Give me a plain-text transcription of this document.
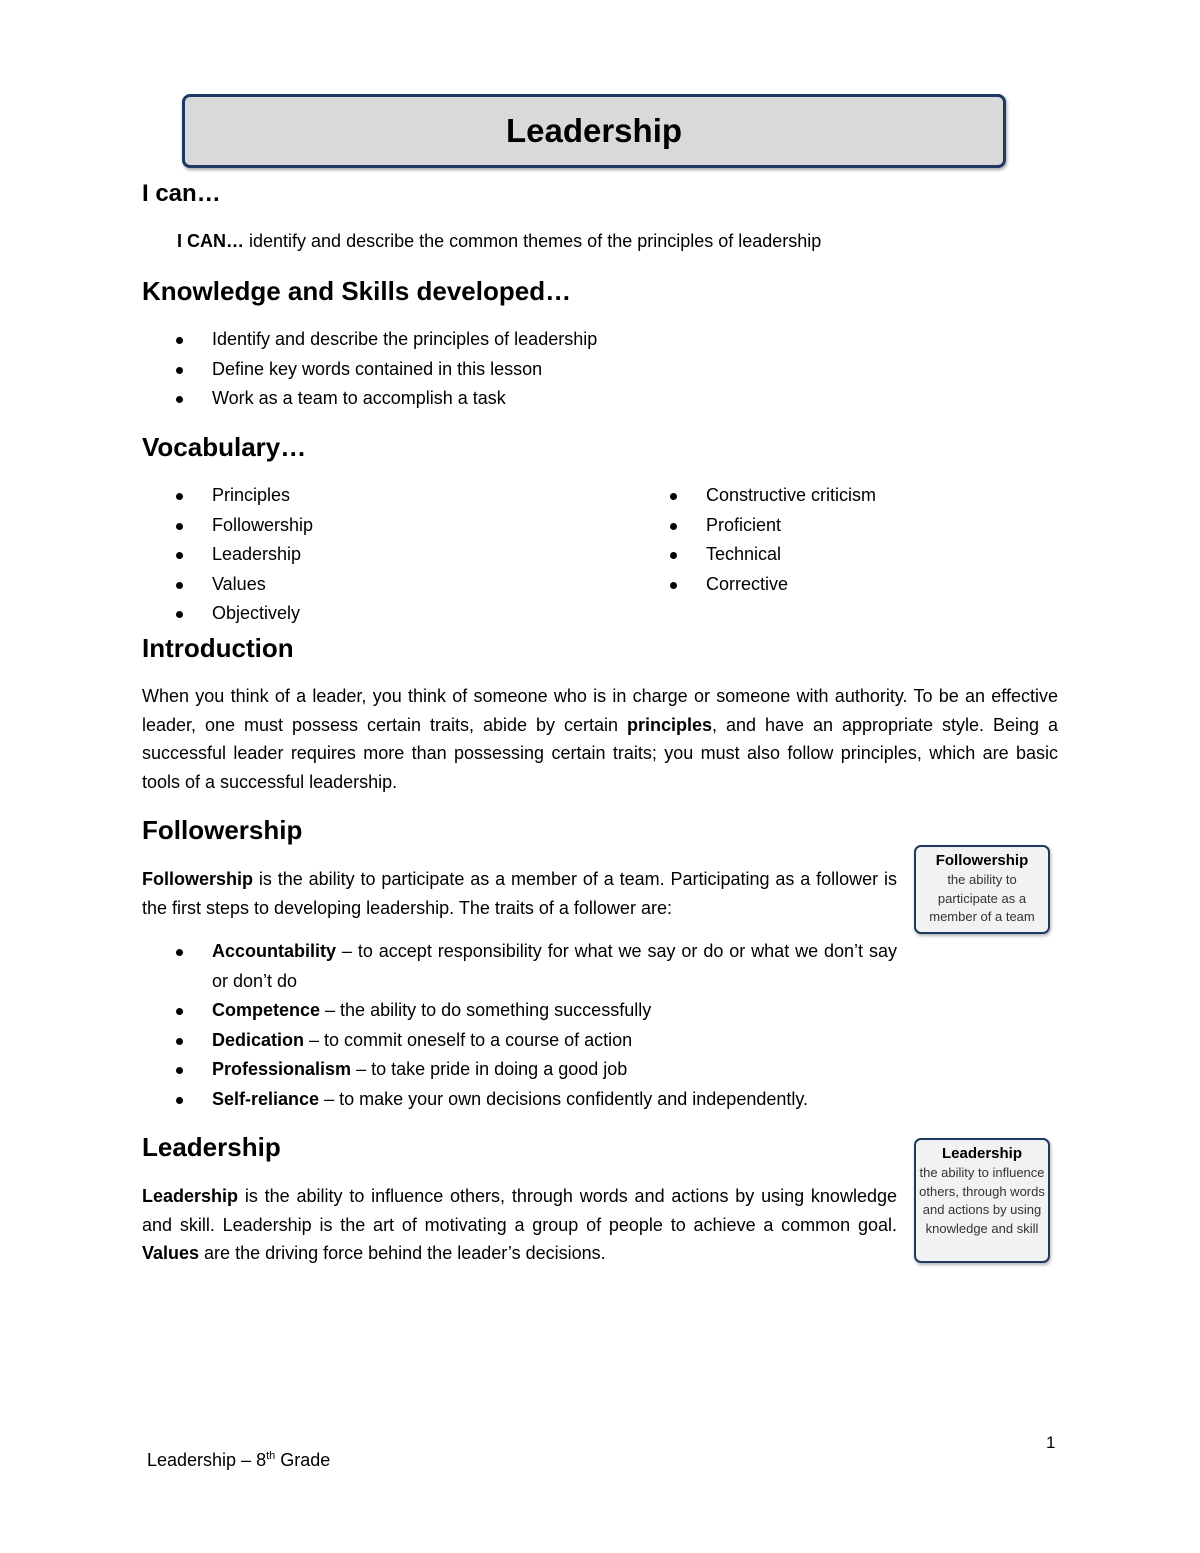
Leadership
I can…

I CAN… identify and describe the common themes of the principles of leadership

Knowledge and Skills developed…
Identify and describe the principles of leadership
Define key words contained in this lesson
Work as a team to accomplish a task
Vocabulary…
Principles
Followership
Leadership
Values
Objectively
Constructive criticism
Proficient
Technical
Corrective
Introduction

When you think of a leader, you think of someone who is in charge or someone with authority. To be an effective leader, one must possess certain traits, abide by certain principles, and have an appropriate style. Being a successful leader requires more than possessing certain traits; you must also follow principles, which are basic tools of a successful leadership.

Followership

Followership is the ability to participate as a member of a team. Participating as a follower is the first steps to developing leadership. The traits of a follower are:

Followership
the ability to participate as a member of a team
Accountability – to accept responsibility for what we say or do or what we don’t say or don’t do
Competence – the ability to do something successfully
Dedication – to commit oneself to a course of action
Professionalism – to take pride in doing a good job
Self-reliance – to make your own decisions confidently and independently.
Leadership

Leadership is the ability to influence others, through words and actions by using knowledge and skill. Leadership is the art of motivating a group of people to achieve a common goal. Values are the driving force behind the leader’s decisions.

Leadership
the ability to influence others, through words and actions by using knowledge and skill
1
Leadership – 8th Grade
